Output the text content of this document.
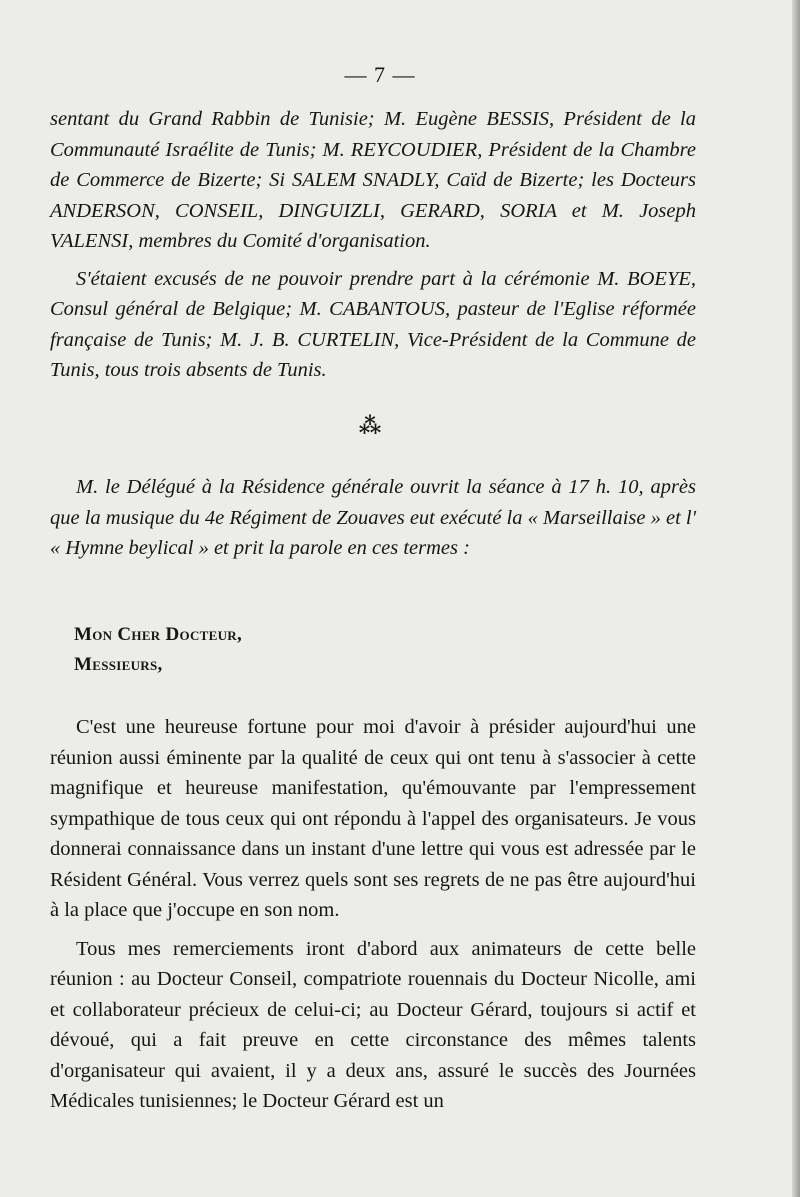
— 7 —

sentant du Grand Rabbin de Tunisie; M. Eugène BESSIS, Président de la Communauté Israélite de Tunis; M. REYCOUDIER, Président de la Chambre de Commerce de Bizerte; Si SALEM SNADLY, Caïd de Bizerte; les Docteurs ANDERSON, CONSEIL, DINGUIZLI, GERARD, SORIA et M. Joseph VALENSI, membres du Comité d'organisation.

S'étaient excusés de ne pouvoir prendre part à la cérémonie M. BOEYE, Consul général de Belgique; M. CABANTOUS, pasteur de l'Eglise réformée française de Tunis; M. J. B. CURTELIN, Vice-Président de la Commune de Tunis, tous trois absents de Tunis.

⁂

M. le Délégué à la Résidence générale ouvrit la séance à 17 h. 10, après que la musique du 4e Régiment de Zouaves eut exécuté la « Marseillaise » et l' « Hymne beylical » et prit la parole en ces termes :

Mon Cher Docteur,
Messieurs,

C'est une heureuse fortune pour moi d'avoir à présider aujourd'hui une réunion aussi éminente par la qualité de ceux qui ont tenu à s'associer à cette magnifique et heureuse manifestation, qu'émouvante par l'empressement sympathique de tous ceux qui ont répondu à l'appel des organisateurs. Je vous donnerai connaissance dans un instant d'une lettre qui vous est adressée par le Résident Général. Vous verrez quels sont ses regrets de ne pas être aujourd'hui à la place que j'occupe en son nom.

Tous mes remerciements iront d'abord aux animateurs de cette belle réunion : au Docteur Conseil, compatriote rouennais du Docteur Nicolle, ami et collaborateur précieux de celui-ci; au Docteur Gérard, toujours si actif et dévoué, qui a fait preuve en cette circonstance des mêmes talents d'organisateur qui avaient, il y a deux ans, assuré le succès des Journées Médicales tunisiennes; le Docteur Gérard est un
